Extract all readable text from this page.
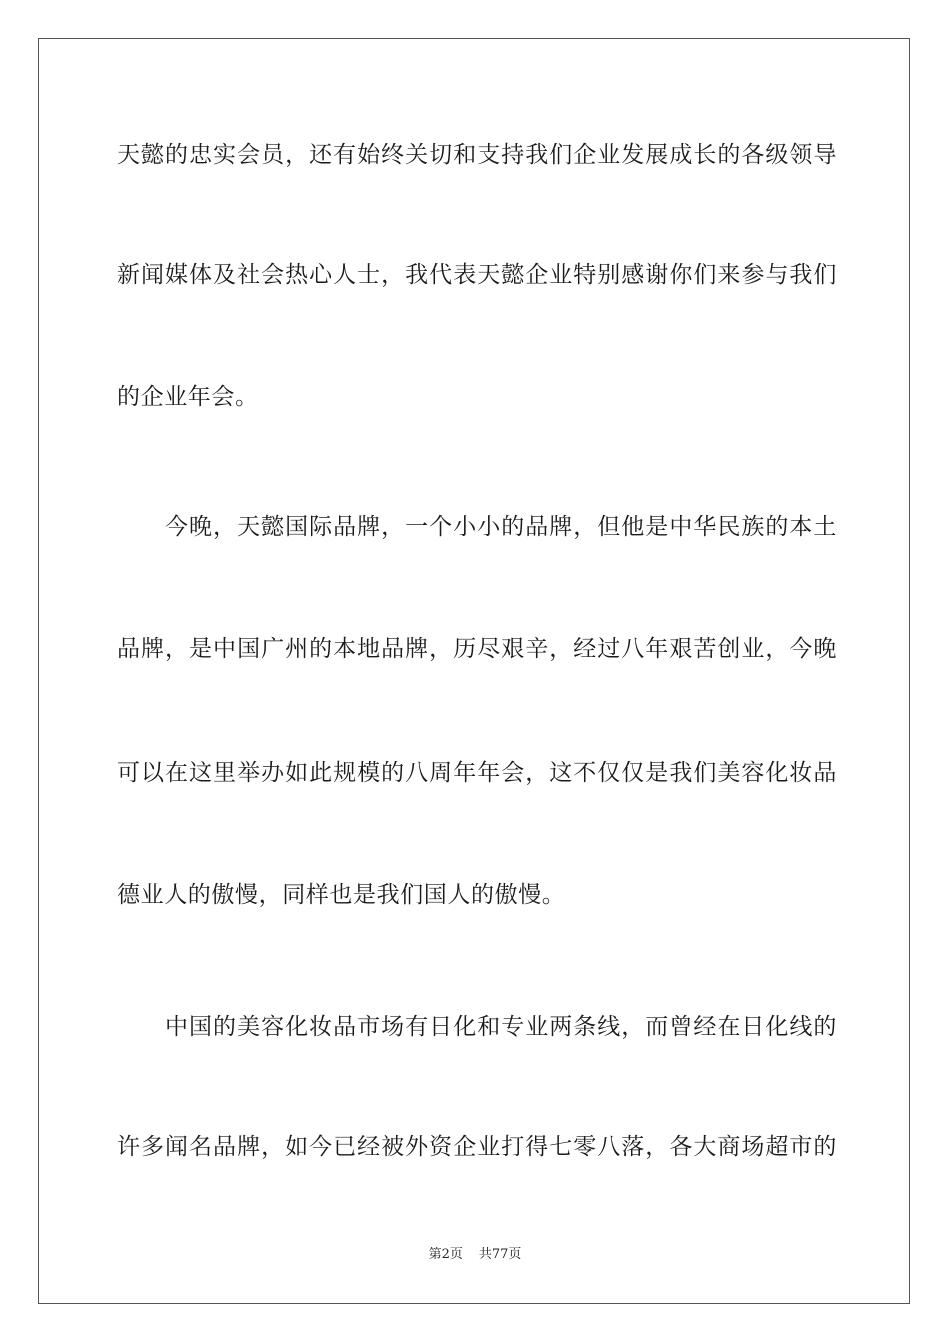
天懿的忠实会员，还有始终关切和支持我们企业发展成长的各级领导
新闻媒体及社会热心人士，我代表天懿企业特别感谢你们来参与我们
的企业年会。
　　今晚，天懿国际品牌，一个小小的品牌，但他是中华民族的本土
品牌，是中国广州的本地品牌，历尽艰辛，经过八年艰苦创业，今晚
可以在这里举办如此规模的八周年年会，这不仅仅是我们美容化妆品
德业人的傲慢，同样也是我们国人的傲慢。
　　中国的美容化妆品市场有日化和专业两条线，而曾经在日化线的
许多闻名品牌，如今已经被外资企业打得七零八落，各大商场超市的
第2页 共77页
